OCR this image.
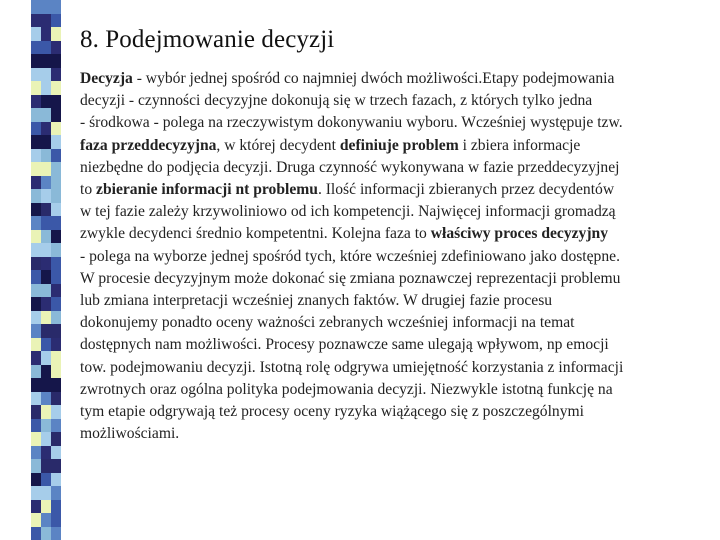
8. Podejmowanie decyzji
Decyzja - wybór jednej spośród co najmniej dwóch możliwości.Etapy podejmowania
decyzji - czynności decyzyjne dokonują się w trzech fazach, z których tylko jedna
- środkowa - polega na rzeczywistym dokonywaniu wyboru. Wcześniej występuje tzw.
faza przeddecyzyjna, w której decydent definiuje problem i zbiera informacje
niezbędne do podjęcia decyzji. Druga czynność wykonywana w fazie przeddecyzyjnej
to zbieranie informacji nt problemu. Ilość informacji zbieranych przez decydentów
w tej fazie zależy krzywoliniowo od ich kompetencji. Najwięcej informacji gromadzą
zwykle decydenci średnio kompetentni. Kolejna faza to właściwy proces decyzyjny
- polega na wyborze jednej spośród tych, które wcześniej zdefiniowano jako dostępne.
W procesie decyzyjnym może dokonać się zmiana poznawczej reprezentacji problemu
lub zmiana interpretacji wcześniej znanych faktów. W drugiej fazie procesu
dokonujemy ponadto oceny ważności zebranych wcześniej informacji na temat
dostępnych nam możliwości. Procesy poznawcze same ulegają wpływom, np emocji
tow. podejmowaniu decyzji. Istotną rolę odgrywa umiejętność korzystania z informacji
zwrotnych oraz ogólna polityka podejmowania decyzji. Niezwykle istotną funkcję na
tym etapie odgrywają też procesy oceny ryzyka wiążącego się z poszczególnymi
możliwościami.
